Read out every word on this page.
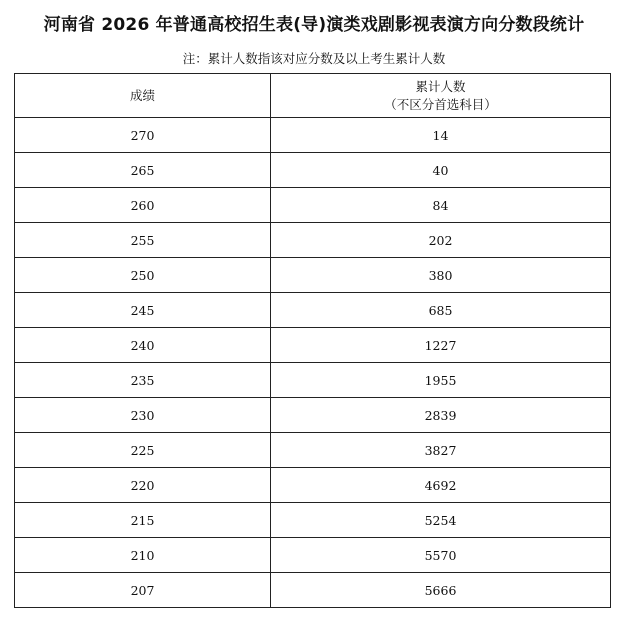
河南省 2026 年普通高校招生表(导)演类戏剧影视表演方向分数段统计
注：累计人数指该对应分数及以上考生累计人数
成绩	累计人数
（不区分首选科目）

270	14
265	40
260	84
255	202
250	380
245	685
240	1227
235	1955
230	2839
225	3827
220	4692
215	5254
210	5570
207	5666
